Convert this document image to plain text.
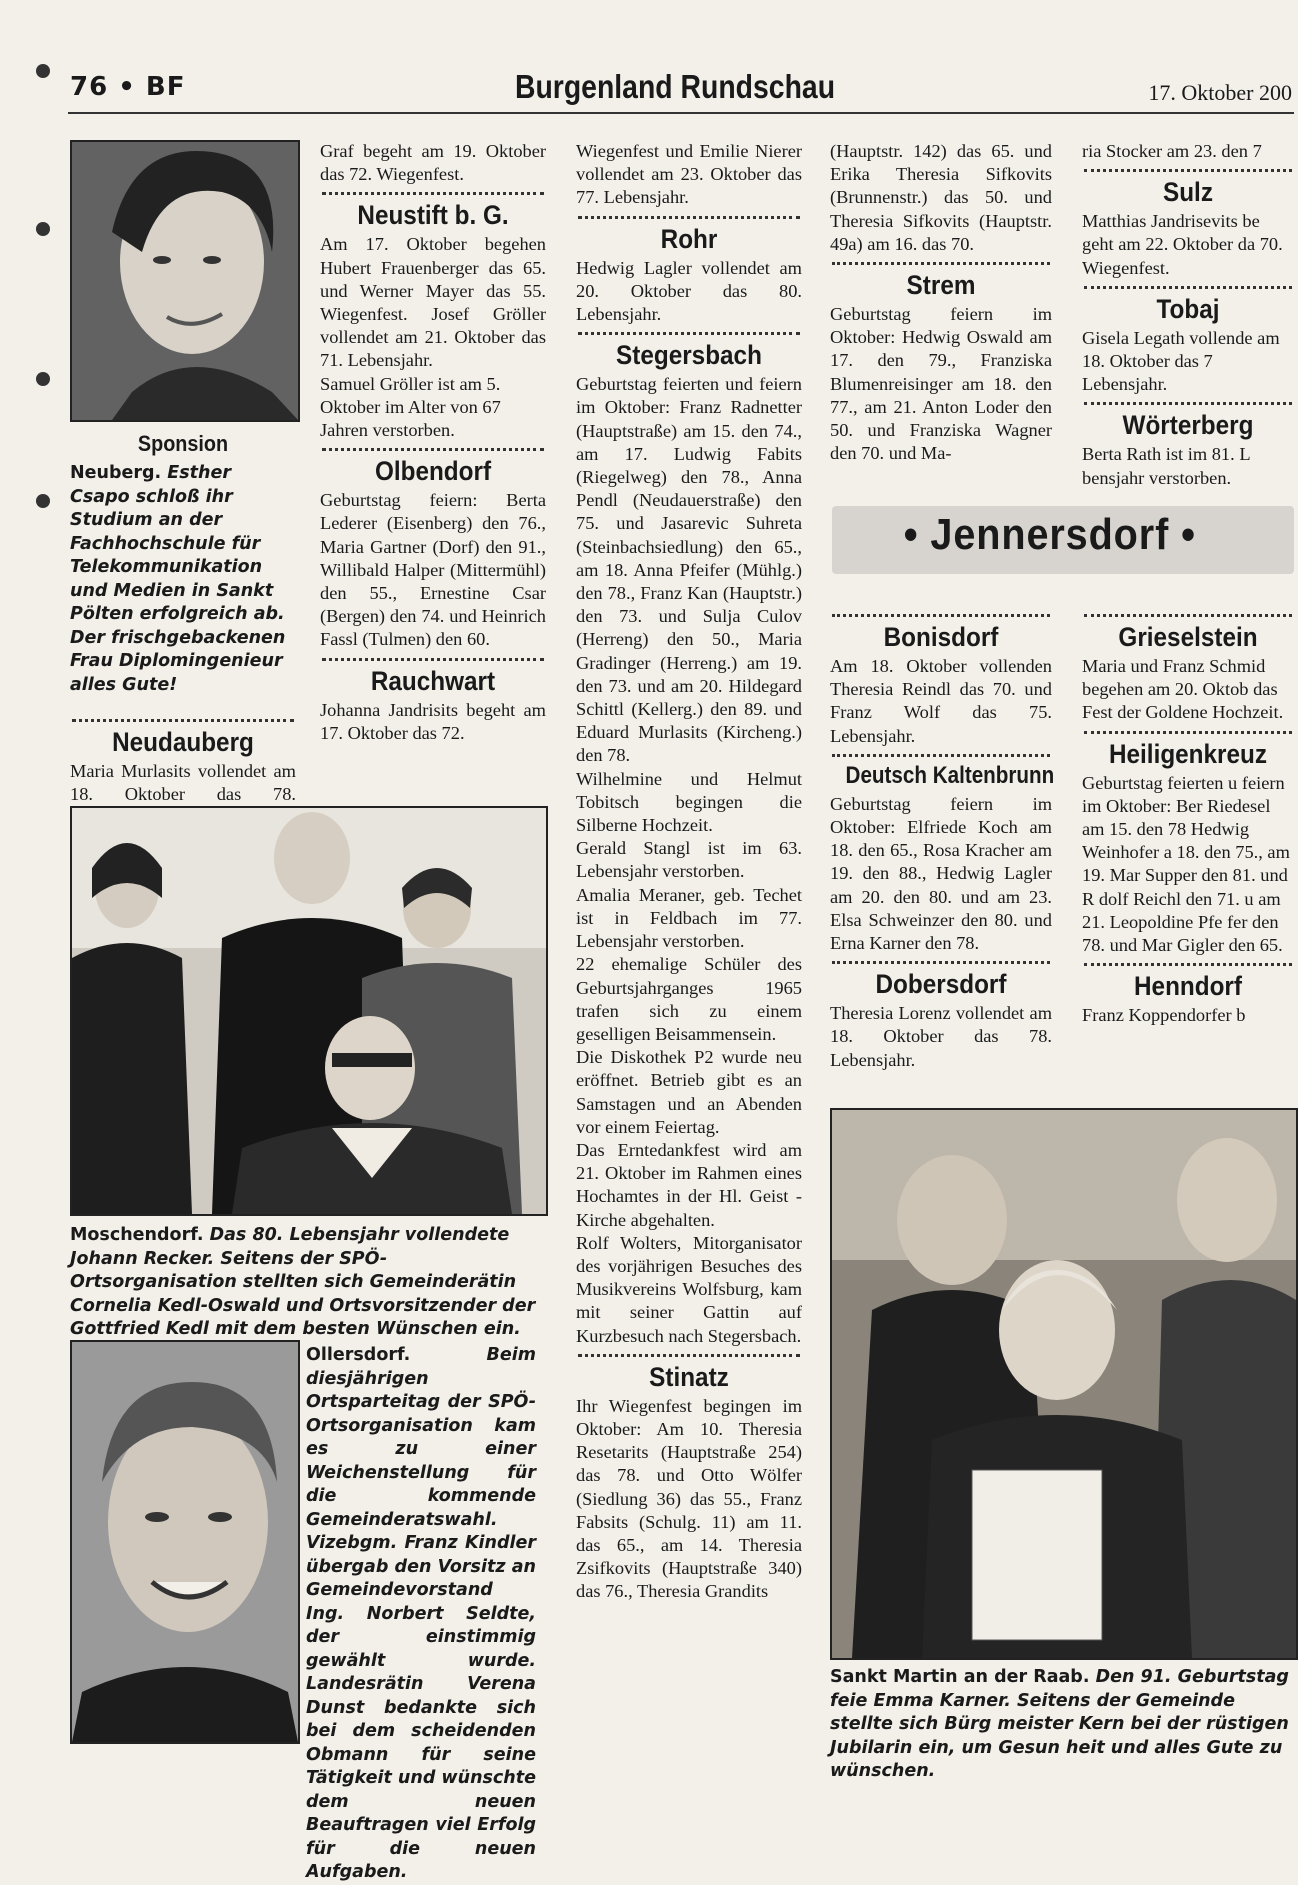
76 • BF	Burgenland Rundschau	17. Oktober 200
Sponsion

Neuberg. Esther Csapo schloß ihr Studium an der Fachhochschule für Telekommunikation und Medien in Sankt Pölten erfolgreich ab. Der frischgebackenen Frau Diplomingenieur alles Gute!

Neudauberg

Maria Murlasits vollendet am 18. Oktober das 78.

Moschendorf. Das 80. Lebensjahr vollendete Johann Recker. Seitens der SPÖ-Ortsorganisation stellten sich Gemeinderätin Cornelia Kedl-Oswald und Ortsvorsitzender der Gottfried Kedl mit dem besten Wünschen ein.
Ollersdorf.	Beim diesjährigen Ortsparteitag der SPÖ-Ortsorganisation kam es zu einer Weichenstellung für die kommende Gemeinderatswahl. Vizebgm. Franz Kindler übergab den Vorsitz an Gemeindevorstand Ing. Norbert Seldte, der einstimmig gewählt wurde. Landesrätin Verena Dunst bedankte sich bei dem scheidenden Obmann für seine Tätigkeit und wünschte dem neuen Beauftragen viel Erfolg für die neuen Aufgaben.

Graf begeht am 19. Oktober das 72. Wiegenfest.

Neustift b. G.

Am 17. Oktober begehen Hubert Frauenberger das 65. und Werner Mayer das 55. Wiegenfest. Josef Gröller vollendet am 21. Oktober das 71. Lebensjahr.

Samuel Gröller ist am 5. Oktober im Alter von 67 Jahren verstorben.

Olbendorf

Geburtstag feiern: Berta Lederer (Eisenberg) den 76., Maria Gartner (Dorf) den 91., Willibald Halper (Mittermühl) den 55., Ernestine Csar (Bergen) den 74. und Heinrich Fassl (Tulmen) den 60.

Rauchwart

Johanna Jandrisits begeht am 17. Oktober das 72.

Wiegenfest und Emilie Nierer vollendet am 23. Oktober das 77. Lebensjahr.

Rohr

Hedwig Lagler vollendet am 20. Oktober das 80. Lebensjahr.

Stegersbach

Geburtstag feierten und feiern im Oktober: Franz Radnetter (Hauptstraße) am 15. den 74., am 17. Ludwig Fabits (Riegelweg) den 78., Anna Pendl (Neudauerstraße) den 75. und Jasarevic Suhreta (Steinbachsiedlung) den 65., am 18. Anna Pfeifer (Mühlg.) den 78., Franz Kan (Hauptstr.) den 73. und Sulja Culov (Herreng) den 50., Maria Gradinger (Herreng.) am 19. den 73. und am 20. Hildegard Schittl (Kellerg.) den 89. und Eduard Murlasits (Kircheng.) den 78.

Wilhelmine und Helmut Tobitsch begingen die Silberne Hochzeit.

Gerald Stangl ist im 63. Lebensjahr verstorben.

Amalia Meraner, geb. Techet ist in Feldbach im 77. Lebensjahr verstorben.

22 ehemalige Schüler des Geburtsjahrganges 1965 trafen sich zu einem geselligen Beisammensein.

Die Diskothek P2 wurde neu eröffnet. Betrieb gibt es an Samstagen und an Abenden vor einem Feiertag.

Das Erntedankfest wird am 21. Oktober im Rahmen eines Hochamtes in der Hl. Geist - Kirche abgehalten.

Rolf Wolters, Mitorganisator des vorjährigen Besuches des Musikvereins Wolfsburg, kam mit seiner Gattin auf Kurzbesuch nach Stegersbach.

Stinatz

Ihr Wiegenfest begingen im Oktober: Am 10. Theresia Resetarits (Hauptstraße 254) das 78. und Otto Wölfer (Siedlung 36) das 55., Franz Fabsits (Schulg. 11) am 11. das 65., am 14. Theresia Zsifkovits (Hauptstraße 340) das 76., Theresia Grandits

(Hauptstr. 142) das 65. und Erika Theresia Sifkovits (Brunnenstr.) das 50. und Theresia Sifkovits (Hauptstr. 49a) am 16. das 70.

Strem

Geburtstag feiern im Oktober: Hedwig Oswald am 17. den 79., Franziska Blumenreisinger am 18. den 77., am 21. Anton Loder den 50. und Franziska Wagner den 70. und Ma-

ria Stocker am 23. den 7

Sulz

Matthias Jandrisevits be geht am 22. Oktober da 70. Wiegenfest.

Tobaj

Gisela Legath vollende am 18. Oktober das 7 Lebensjahr.

Wörterberg

Berta Rath ist im 81. L bensjahr verstorben.

• Jennersdorf •
Bonisdorf

Am 18. Oktober vollenden Theresia Reindl das 70. und Franz Wolf das 75. Lebensjahr.

Deutsch Kaltenbrunn

Geburtstag feiern im Oktober: Elfriede Koch am 18. den 65., Rosa Kracher am 19. den 88., Hedwig Lagler am 20. den 80. und am 23. Elsa Schweinzer den 80. und Erna Karner den 78.

Dobersdorf

Theresia Lorenz vollendet am 18. Oktober das 78. Lebensjahr.

Grieselstein

Maria und Franz Schmid begehen am 20. Oktob das Fest der Goldene Hochzeit.

Heiligenkreuz

Geburtstag feierten u feiern im Oktober: Ber Riedesel am 15. den 78 Hedwig Weinhofer a 18. den 75., am 19. Mar Supper den 81. und R dolf Reichl den 71. u am 21. Leopoldine Pfe fer den 78. und Mar Gigler den 65.

Henndorf

Franz Koppendorfer b

Sankt Martin an der Raab. Den 91. Geburtstag feie Emma Karner. Seitens der Gemeinde stellte sich Bürg meister Kern bei der rüstigen Jubilarin ein, um Gesun heit und alles Gute zu wünschen.
